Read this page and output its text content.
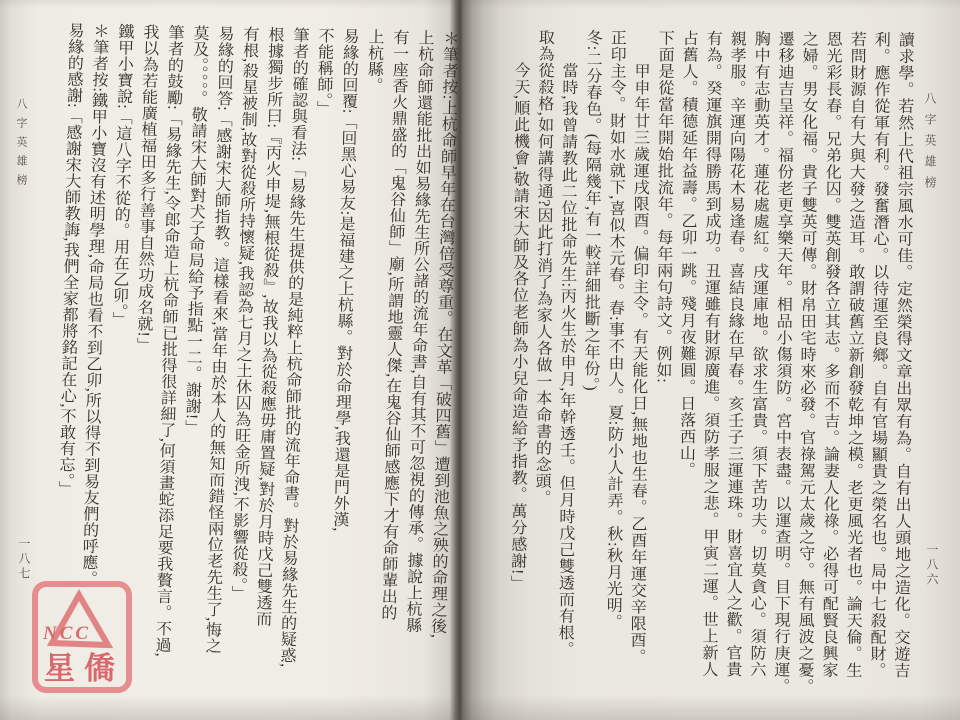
八字英雄榜
一八六
讀求學。若然上代祖宗風水可佳。定然榮得文章出眾有為。自有出人頭地之造化。交遊吉
利。應作從軍有利。發奮潛心。以待運至良鄉。自有官場顯貴之榮名也。局中七殺配財。
若問財源自有大與大發之造耳。敢謂破舊立新創發乾坤之模。老更風光者也。論天倫。生
恩光彩長春。兄弟化囚。雙英創發各立其志。多而不吉。論妻人化祿。必得可配賢良興家
之婦。男女化福。貴子雙英可傳。財帛田宅時來必發。官祿駕元太歲之守。無有風波之憂。
遷移迪吉呈祥。福份老更享樂天年。相品小傷須防。宮中表盡。以運查明。目下現行庚運。
胸中有志動英才。蓮花處處紅。戌運庫地。欲求生富貴。須下苦功夫。切莫貪心。須防六
親孝服。辛運向陽花木易逢春。喜結良緣在早春。亥壬子三運連珠。財喜宜人之歡。官貴
有為。癸運旗開得勝馬到成功。丑運雖有財源廣進。須防孝服之悲。甲寅二運。世上新人
占舊人。積德延年益壽。乙卯一跳。殘月夜難圓。日落西山。
下面是從當年開始批流年。每年兩句詩文。例如:
　　甲申年廿三歲運戌限酉。偏印主令。有天能化日,無地也生春。乙酉年運交辛限酉。
正印主令。財如水就下,喜似木元春。春:事不由人。夏:防小人計弄。秋:秋月光明。
冬:二分春色。(每隔幾年,有一較詳細批斷之年份。)
　　當時,我曾請教此二位批命先生:丙火生於申月,年幹透壬。但月時戊己雙透而有根。
取為從殺格,如何講得通?因此打消了為家人各做一本命書的念頭。
　　今天,順此機會,敬請宋大師及各位老師為小兒命造給予指教。萬分感謝!」
八字英雄榜
一八七	＊筆者按:上杭命師早年在台灣倍受尊重。在文革「破四舊」遭到池魚之殃的命理之後,
上杭命師還能批出如易緣先生所公諸的流年命書,自有其不可忽視的傳承。據說上杭縣
有一座香火鼎盛的「鬼谷仙師」廟,所謂地靈人傑,在鬼谷仙師感應下才有命師輩出的
上杭縣。
易緣的回覆:「回黑心易友:是福建之上杭縣。對於命理學,我還是門外漢,
不能稱師。」
筆者的確認與看法:「易緣先生提供的是純粹上杭命師批的流年命書。對於易緣先生的疑惑,
根據獨步所曰:『丙火申堤,無根從殺』,故我以為從殺應毋庸置疑,對於月時戊己雙透而
有根,殺星被制,故對從殺所持懷疑,我認為七月之土休囚為旺金所洩,不影響從殺。」
易緣的回答:「感謝宋大師指教。這樣看來,當年由於本人的無知而錯怪兩位老先生了,悔之
莫及。。。。。敬請宋大師對犬子命局給予指點一二。謝謝!」
筆者的鼓勵:「易緣先生,令郎命造上杭命師已批得很詳細了,何須畫蛇添足要我贅言。不過,
我以為若能廣植福田多行善事自然功成名就!」
鐵甲小寶說:「這八字不從的。用在乙卯。」
＊筆者按:鐵甲小寶沒有述明學理,命局也看不到乙卯,所以得不到易友們的呼應。
易緣的感謝:「感謝宋大師教誨,我們全家都將銘記在心,不敢有忘。」
NCC
星僑
